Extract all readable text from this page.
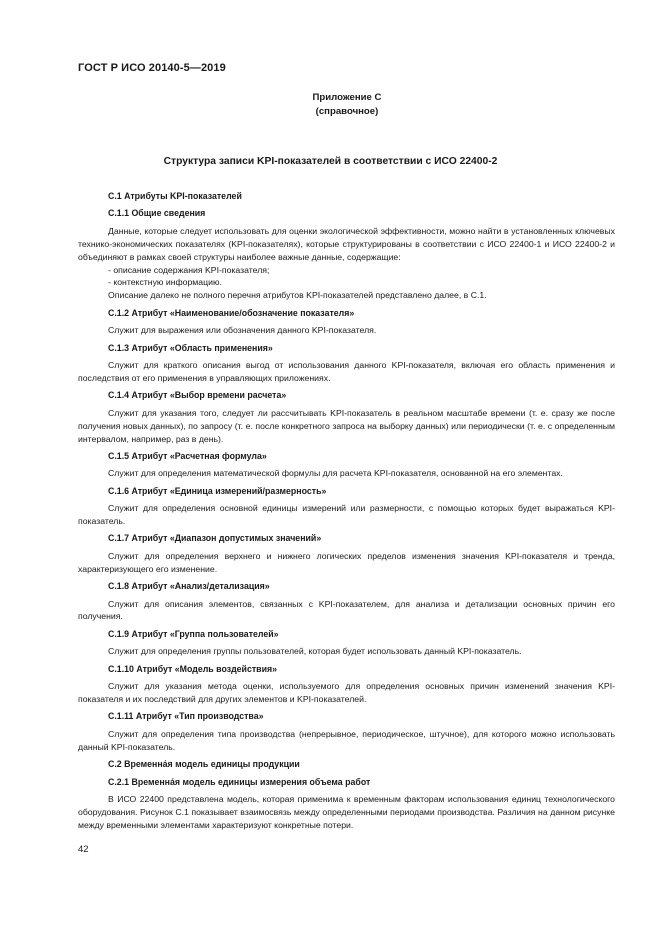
ГОСТ Р ИСО 20140-5—2019
Приложение С
(справочное)
Структура записи KPI-показателей в соответствии с ИСО 22400-2
С.1 Атрибуты KPI-показателей
С.1.1 Общие сведения

Данные, которые следует использовать для оценки экологической эффективности, можно найти в установленных ключевых технико-экономических показателях (KPI-показателях), которые структурированы в соответствии с ИСО 22400-1 и ИСО 22400-2 и объединяют в рамках своей структуры наиболее важные данные, содержащие:

- описание содержания KPI-показателя;
- контекстную информацию.

Описание далеко не полного перечня атрибутов KPI-показателей представлено далее, в С.1.

С.1.2 Атрибут «Наименование/обозначение показателя»

Служит для выражения или обозначения данного KPI-показателя.

С.1.3 Атрибут «Область применения»

Служит для краткого описания выгод от использования данного KPI-показателя, включая его область применения и последствия от его применения в управляющих приложениях.

С.1.4 Атрибут «Выбор времени расчета»

Служит для указания того, следует ли рассчитывать KPI-показатель в реальном масштабе времени (т. е. сразу же после получения новых данных), по запросу (т. е. после конкретного запроса на выборку данных) или периодически (т. е. с определенным интервалом, например, раз в день).

С.1.5 Атрибут «Расчетная формула»

Служит для определения математической формулы для расчета KPI-показателя, основанной на его элементах.

С.1.6 Атрибут «Единица измерений/размерность»

Служит для определения основной единицы измерений или размерности, с помощью которых будет выражаться KPI-показатель.

С.1.7 Атрибут «Диапазон допустимых значений»

Служит для определения верхнего и нижнего логических пределов изменения значения KPI-показателя и тренда, характеризующего его изменение.

С.1.8 Атрибут «Анализ/детализация»

Служит для описания элементов, связанных с KPI-показателем, для анализа и детализации основных причин его получения.

С.1.9 Атрибут «Группа пользователей»

Служит для определения группы пользователей, которая будет использовать данный KPI-показатель.

С.1.10 Атрибут «Модель воздействия»

Служит для указания метода оценки, используемого для определения основных причин изменений значения KPI-показателя и их последствий для других элементов и KPI-показателей.

С.1.11 Атрибут «Тип производства»

Служит для определения типа производства (непрерывное, периодическое, штучное), для которого можно использовать данный KPI-показатель.

С.2 Временна́я модель единицы продукции
С.2.1 Временна́я модель единицы измерения объема работ

В ИСО 22400 представлена модель, которая применима к временным факторам использования единиц технологического оборудования. Рисунок С.1 показывает взаимосвязь между определенными периодами производства. Различия на данном рисунке между временными элементами характеризуют конкретные потери.

42
